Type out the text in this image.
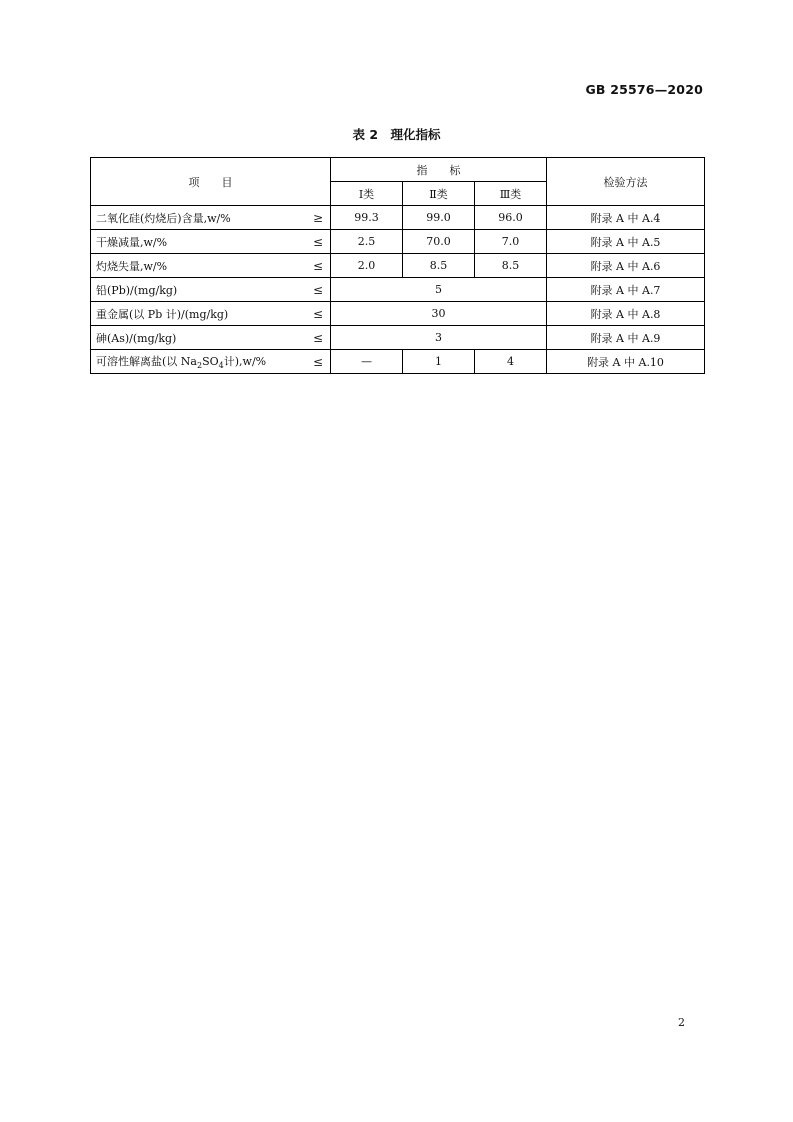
GB 25576—2020
表 2　理化指标
项　　目		指　　标			检验方法
		Ⅰ类	Ⅱ类	Ⅲ类	
二氧化硅(灼烧后)含量,w/%	≥	99.3	99.0	96.0	附录 A 中 A.4
干燥减量,w/%	≤	2.5	70.0	7.0	附录 A 中 A.5
灼烧失量,w/%	≤	2.0	8.5	8.5	附录 A 中 A.6
铅(Pb)/(mg/kg)	≤	5			附录 A 中 A.7
重金属(以 Pb 计)/(mg/kg)	≤	30			附录 A 中 A.8
砷(As)/(mg/kg)	≤	3			附录 A 中 A.9
可溶性解离盐(以 $Na_2SO_4$计),w/%	≤	—	1	4	附录 A 中 A.10
2
